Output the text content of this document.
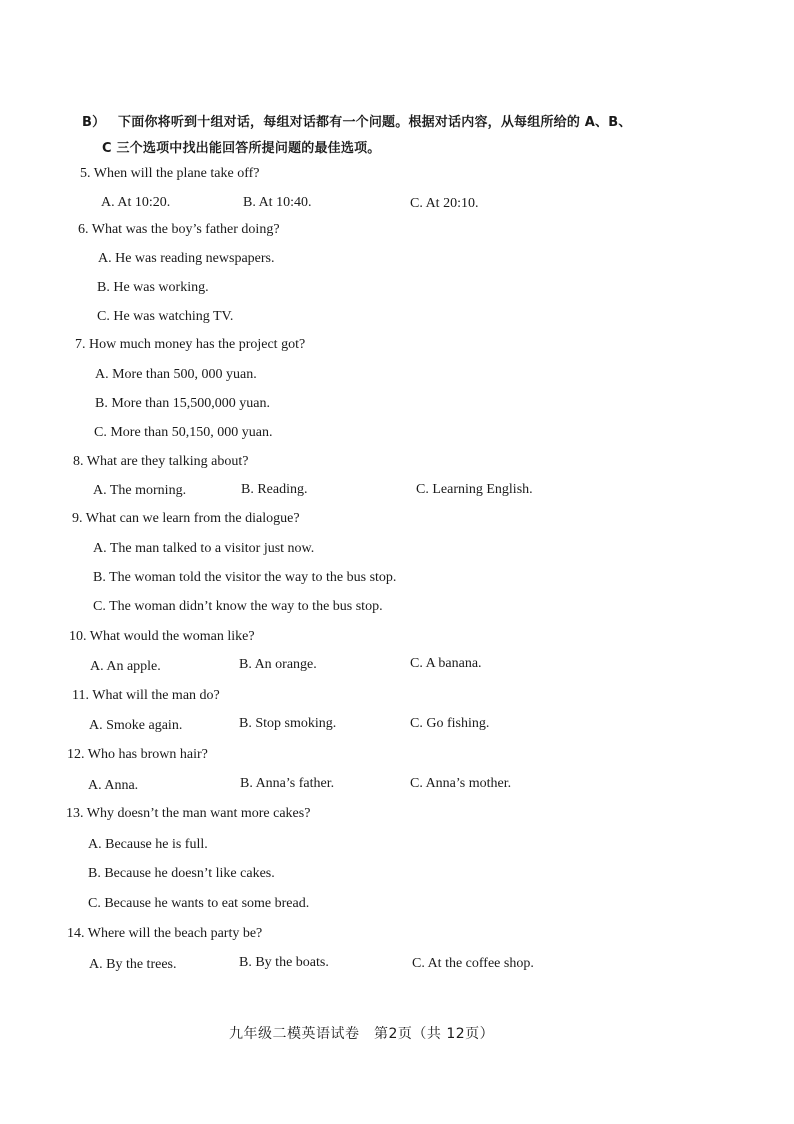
B） 下面你将听到十组对话，每组对话都有一个问题。根据对话内容，从每组所给的 A、B、
C 三个选项中找出能回答所提问题的最佳选项。
5. When will the plane take off?
A. At 10:20.	B. At 10:40.	C. At 20:10.
6. What was the boy’s father doing?
A. He was reading newspapers.
B. He was working.
C. He was watching TV.
7. How much money has the project got?
A. More than 500, 000 yuan.
B. More than 15,500,000 yuan.
C. More than 50,150, 000 yuan.
8. What are they talking about?
A. The morning.	B. Reading.	C. Learning English.
9. What can we learn from the dialogue?
A. The man talked to a visitor just now.
B. The woman told the visitor the way to the bus stop.
C. The woman didn’t know the way to the bus stop.
10. What would the woman like?
A. An apple.	B. An orange.	C. A banana.
11. What will the man do?
A. Smoke again.	B. Stop smoking.	C. Go fishing.
12. Who has brown hair?
A. Anna.	B. Anna’s father.	C. Anna’s mother.
13. Why doesn’t the man want more cakes?
A. Because he is full.
B. Because he doesn’t like cakes.
C. Because he wants to eat some bread.
14. Where will the beach party be?
A. By the trees.	B. By the boats.	C. At the coffee shop.
九年级二模英语试卷　第2页（共 12页）
